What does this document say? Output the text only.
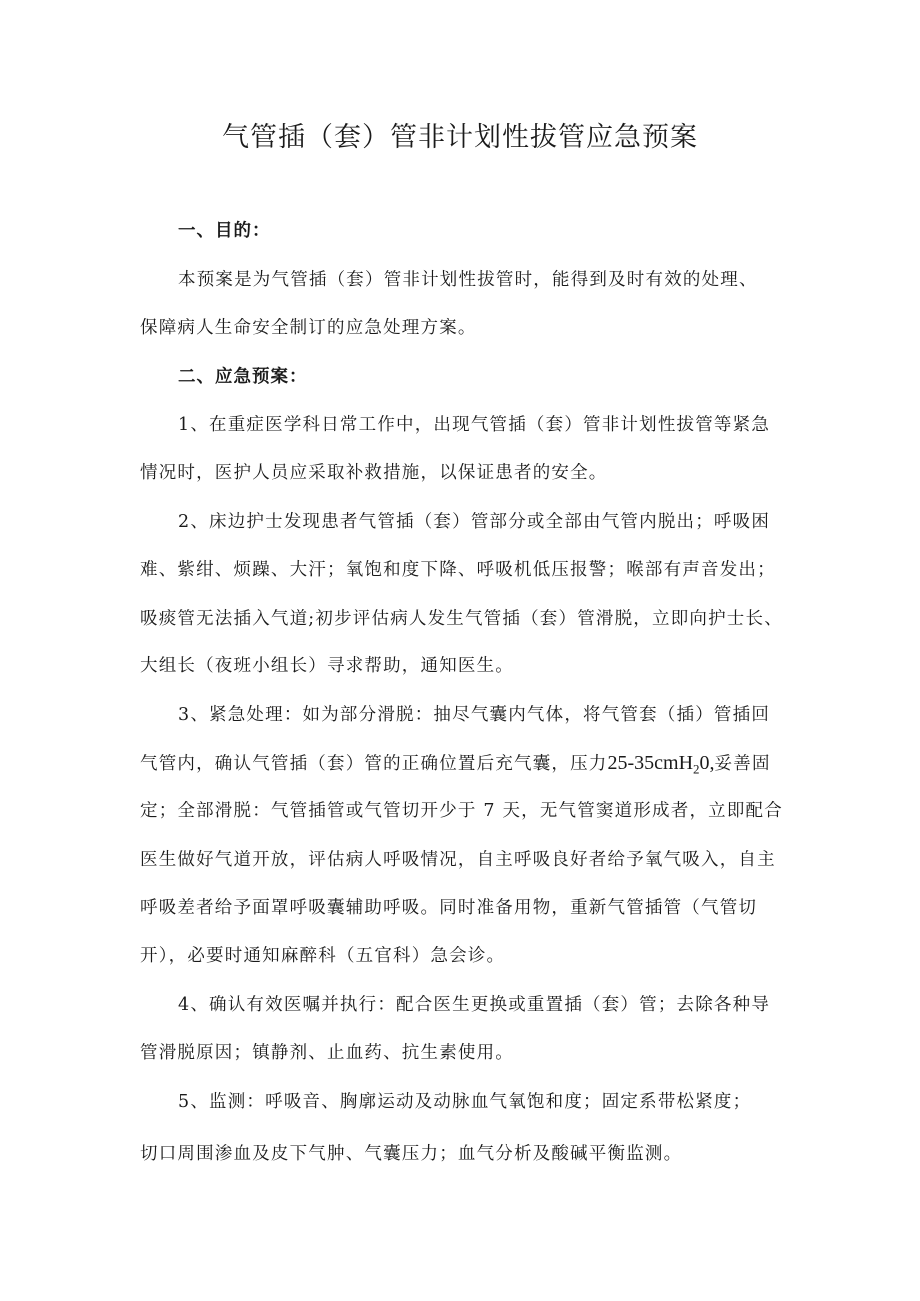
气管插（套）管非计划性拔管应急预案
一、目的：
本预案是为气管插（套）管非计划性拔管时，能得到及时有效的处理、
保障病人生命安全制订的应急处理方案。
二、应急预案：
1、在重症医学科日常工作中，出现气管插（套）管非计划性拔管等紧急
情况时，医护人员应采取补救措施，以保证患者的安全。
2、床边护士发现患者气管插（套）管部分或全部由气管内脱出；呼吸困
难、紫绀、烦躁、大汗；氧饱和度下降、呼吸机低压报警；喉部有声音发出；
吸痰管无法插入气道;初步评估病人发生气管插（套）管滑脱，立即向护士长、
大组长（夜班小组长）寻求帮助，通知医生。
3、紧急处理：如为部分滑脱：抽尽气囊内气体，将气管套（插）管插回
气管内，确认气管插（套）管的正确位置后充气囊，压力25-35cmH$_2$0,妥善固
定；全部滑脱：气管插管或气管切开少于 7 天，无气管窦道形成者，立即配合
医生做好气道开放，评估病人呼吸情况，自主呼吸良好者给予氧气吸入，自主
呼吸差者给予面罩呼吸囊辅助呼吸。同时准备用物，重新气管插管（气管切
开），必要时通知麻醉科（五官科）急会诊。
4、确认有效医嘱并执行：配合医生更换或重置插（套）管；去除各种导
管滑脱原因；镇静剂、止血药、抗生素使用。
5、监测：呼吸音、胸廓运动及动脉血气氧饱和度；固定系带松紧度；
切口周围渗血及皮下气肿、气囊压力；血气分析及酸碱平衡监测。
